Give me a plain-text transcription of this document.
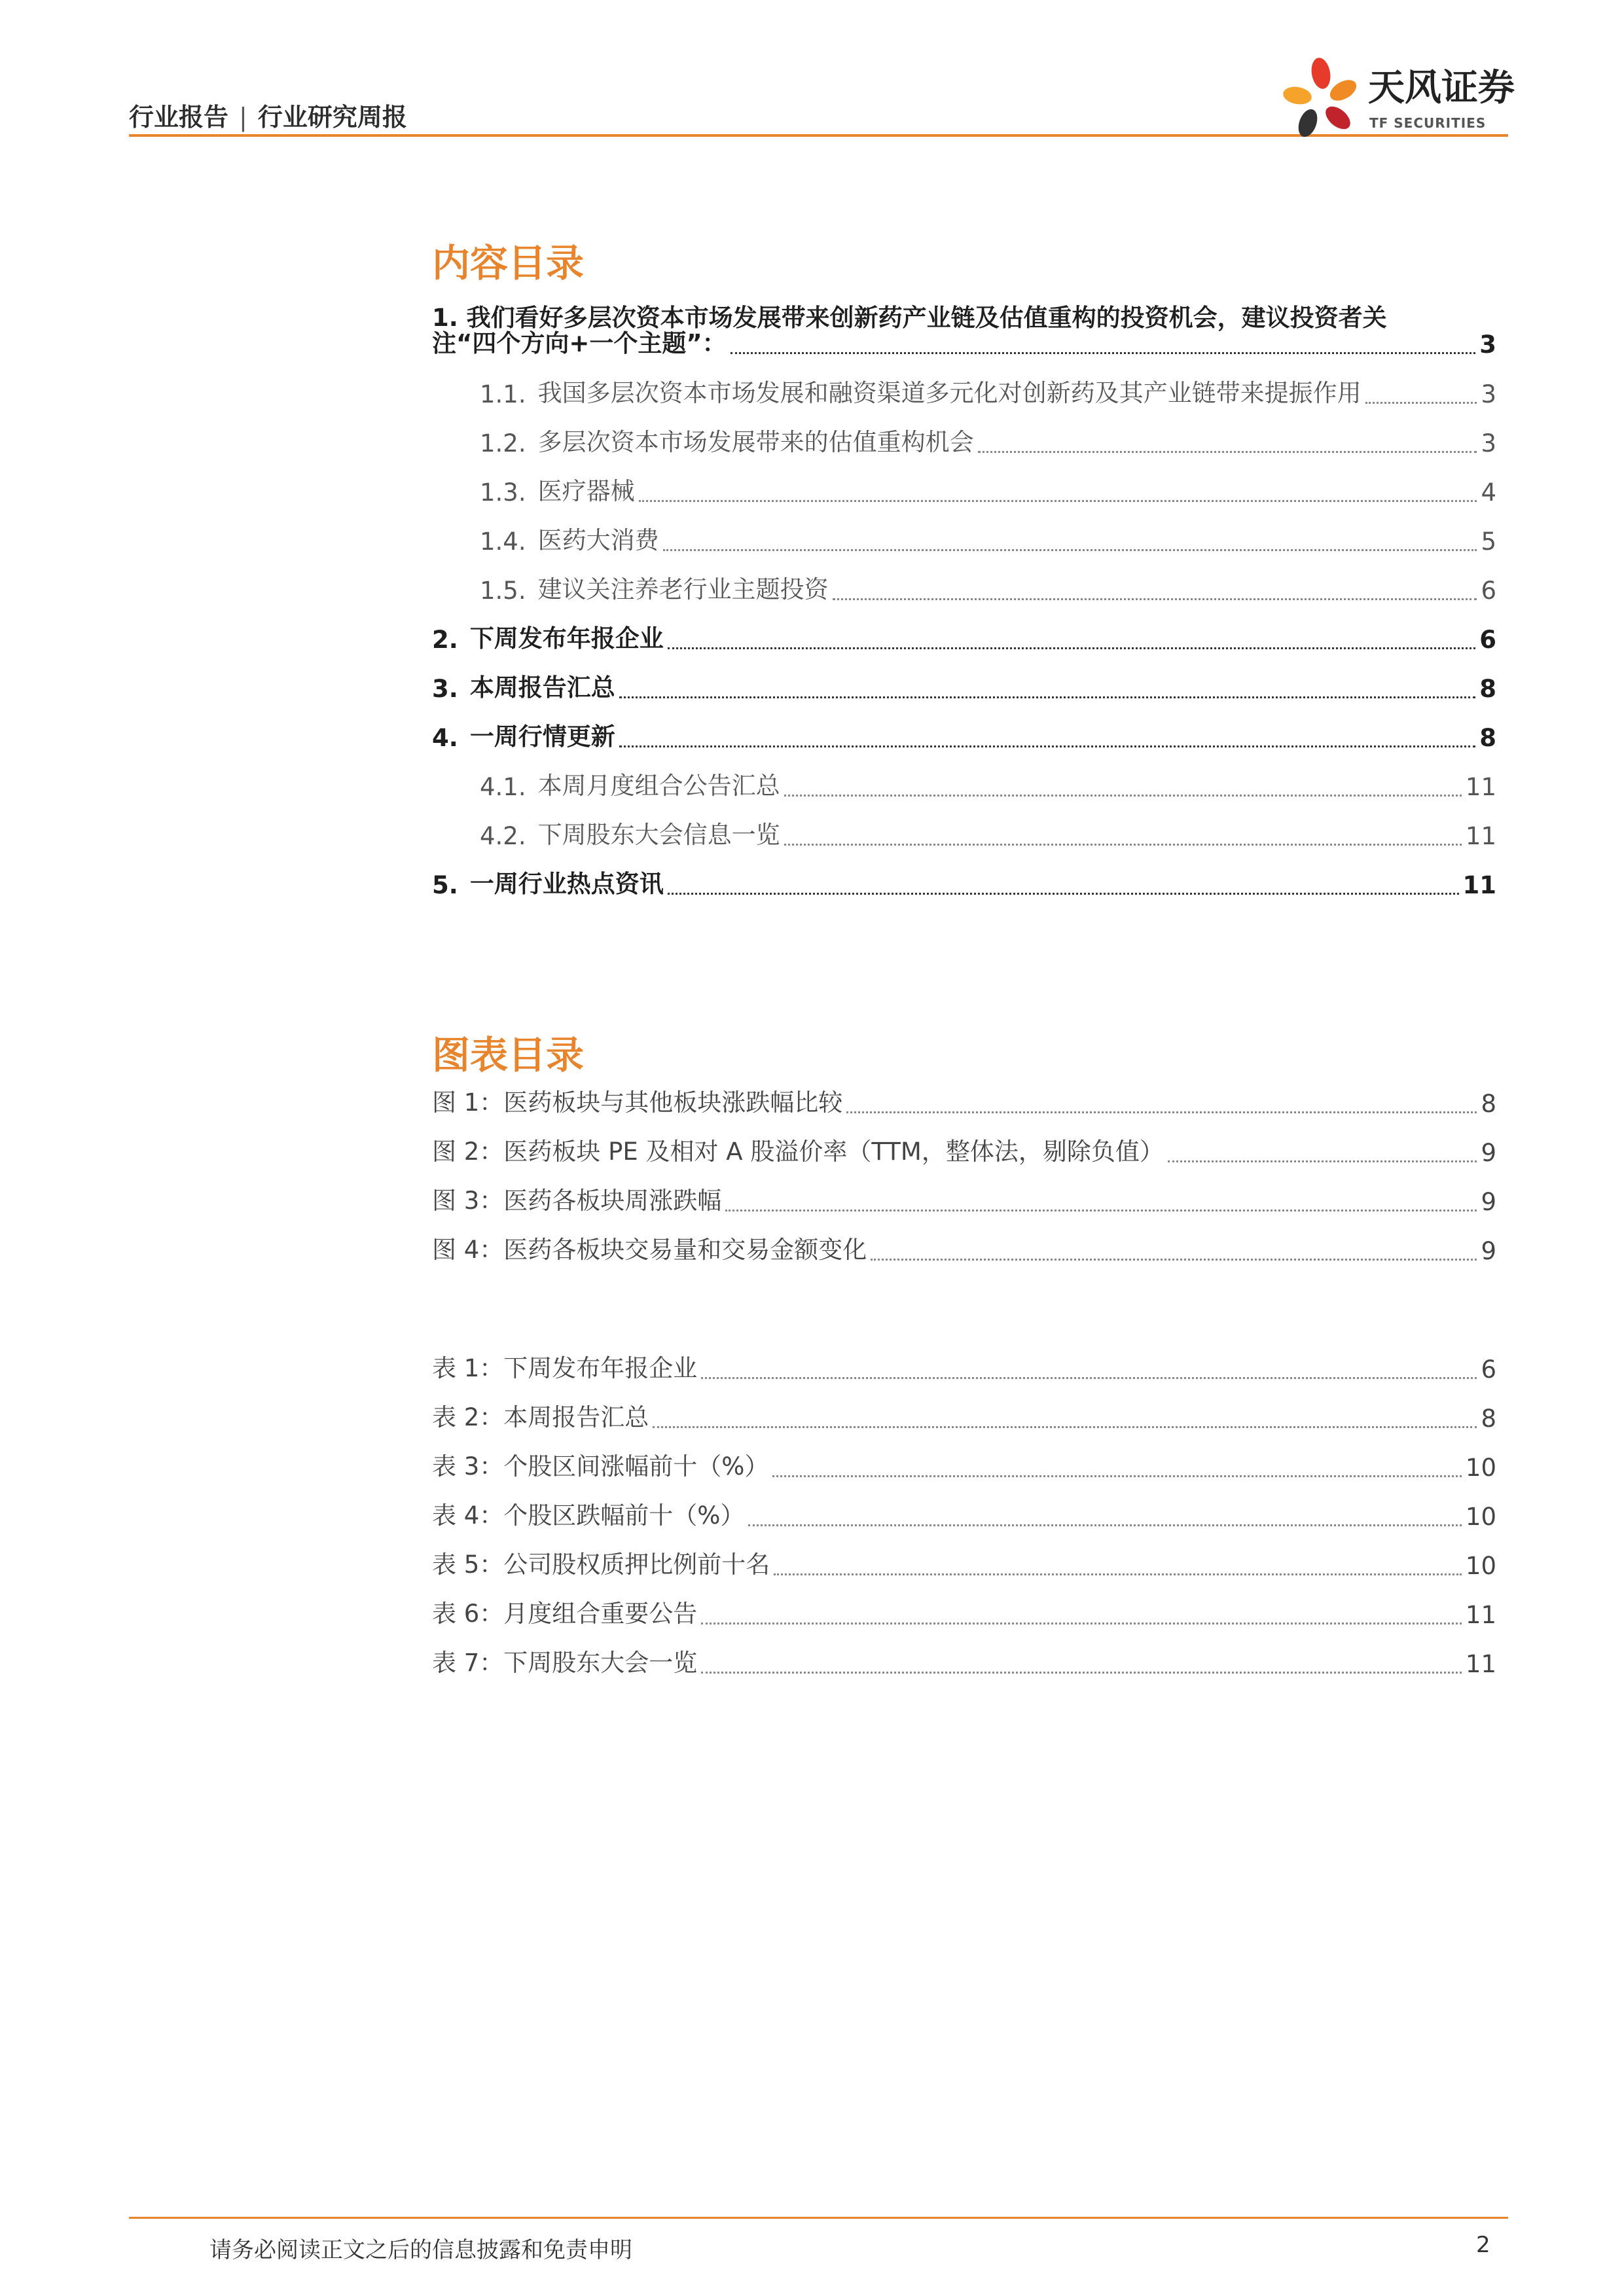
行业报告 | 行业研究周报
天风证券
TF SECURITIES
内容目录
1. 我们看好多层次资本市场发展带来创新药产业链及估值重构的投资机会，建议投资者关
注“四个方向+一个主题”：	3
1.1. 我国多层次资本市场发展和融资渠道多元化对创新药及其产业链带来提振作用	3
1.2. 多层次资本市场发展带来的估值重构机会	3
1.3. 医疗器械	4
1.4. 医药大消费	5
1.5. 建议关注养老行业主题投资	6
2. 下周发布年报企业	6
3. 本周报告汇总	8
4. 一周行情更新	8
4.1. 本周月度组合公告汇总	11
4.2. 下周股东大会信息一览	11
5. 一周行业热点资讯	11
图表目录
图 1：医药板块与其他板块涨跌幅比较	8
图 2：医药板块 PE 及相对 A 股溢价率（TTM，整体法，剔除负值）	9
图 3：医药各板块周涨跌幅	9
图 4：医药各板块交易量和交易金额变化	9
表 1：下周发布年报企业	6
表 2：本周报告汇总	8
表 3：个股区间涨幅前十（%）	10
表 4：个股区跌幅前十（%）	10
表 5：公司股权质押比例前十名	10
表 6：月度组合重要公告	11
表 7：下周股东大会一览	11
请务必阅读正文之后的信息披露和免责申明	2
